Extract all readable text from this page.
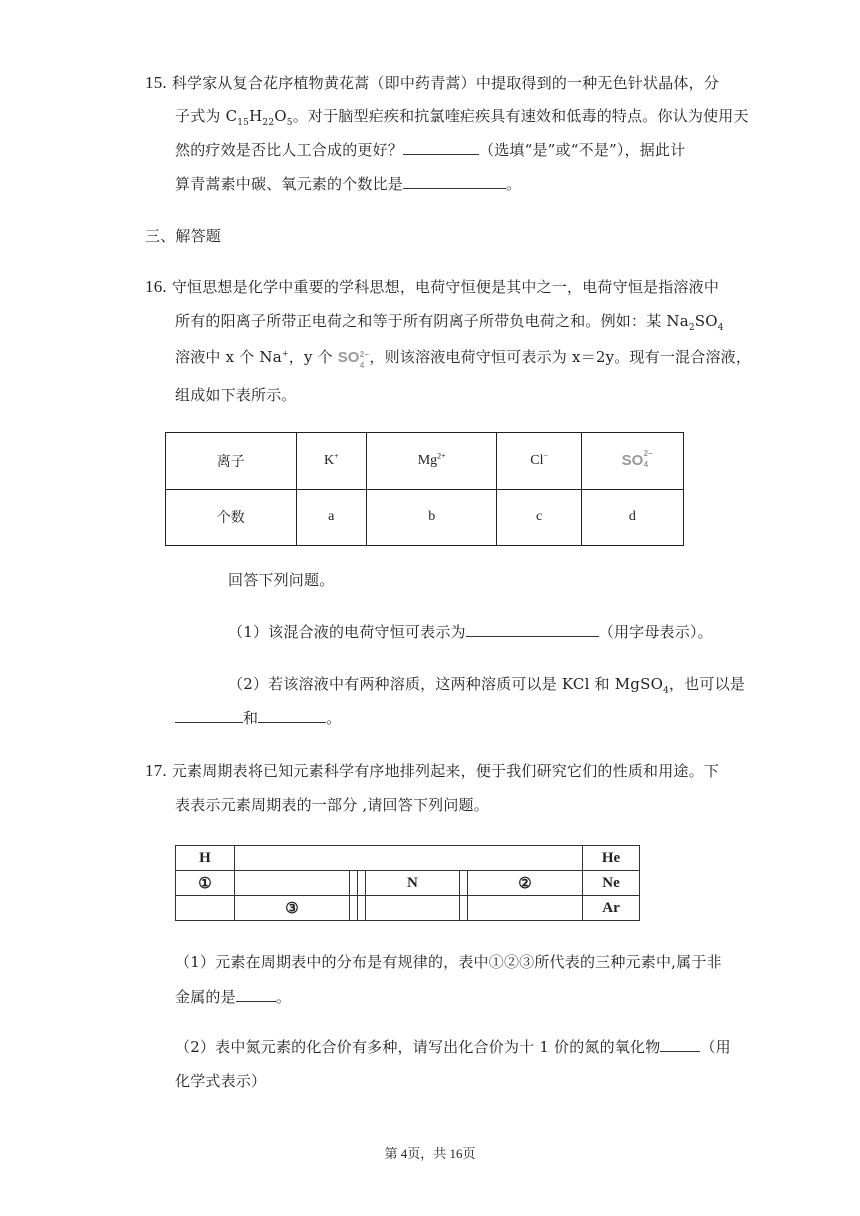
15. 科学家从复合花序植物黄花蒿（即中药青蒿）中提取得到的一种无色针状晶体，分
子式为 $C_{15}H_{22}O_5$。对于脑型疟疾和抗氯喹疟疾具有速效和低毒的特点。你认为使用天
然的疗效是否比人工合成的更好？	（选填“是”或“不是”），据此计
算青蒿素中碳、氧元素的个数比是	。
三、解答题
16. 守恒思想是化学中重要的学科思想，电荷守恒便是其中之一，电荷守恒是指溶液中
所有的阳离子所带正电荷之和等于所有阴离子所带负电荷之和。例如：某 $Na_2SO_4$
溶液中 x 个 Na+，y 个 SO 2−
4 ，则该溶液电荷守恒可表示为 x＝2y。现有一混合溶液，
组成如下表所示。
离子	K+	$Mg^{2+}$	Cl−	SO 2−
4

个数	a	b	c	d
回答下列问题。
（1）该混合液的电荷守恒可表示为	（用字母表示）。
（2）若该溶液中有两种溶质，这两种溶质可以是 KCl 和 MgSO$_4$，也可以是
和	。
17. 元素周期表将已知元素科学有序地排列起来，便于我们研究它们的性质和用途。下
表表示元素周期表的一部分 ,请回答下列问题。
H							He
①				N		②	Ne
	③						Ar
（1）元素在周期表中的分布是有规律的，表中①②③所代表的三种元素中,属于非
金属的是	。
（2）表中氮元素的化合价有多种，请写出化合价为十 1 价的氮的氧化物	（用
化学式表示）
第 4页，共 16页
